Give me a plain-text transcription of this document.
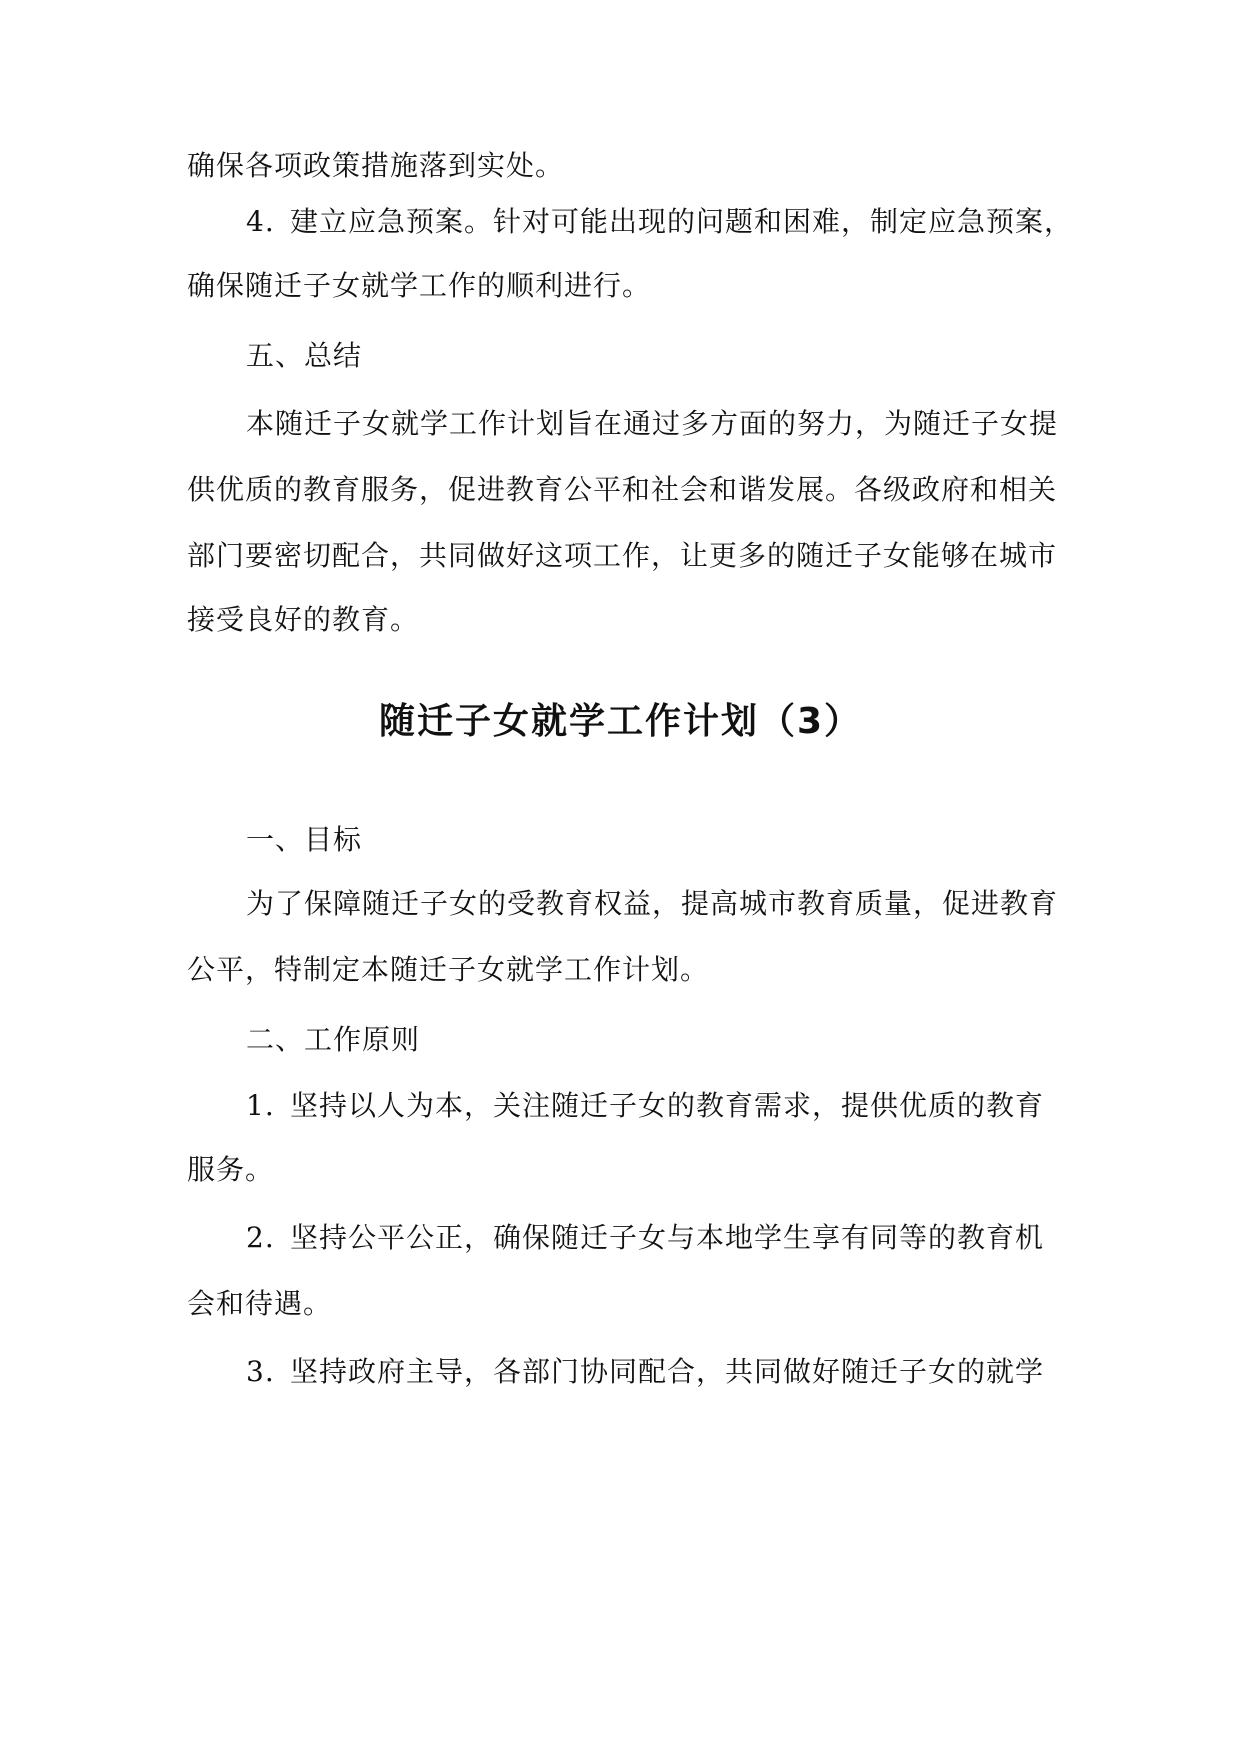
确保各项政策措施落到实处。
4. 建立应急预案。针对可能出现的问题和困难，制定应急预案，
确保随迁子女就学工作的顺利进行。
五、总结
本随迁子女就学工作计划旨在通过多方面的努力，为随迁子女提
供优质的教育服务，促进教育公平和社会和谐发展。各级政府和相关
部门要密切配合，共同做好这项工作，让更多的随迁子女能够在城市
接受良好的教育。
随迁子女就学工作计划（3）
一、目标
为了保障随迁子女的受教育权益，提高城市教育质量，促进教育
公平，特制定本随迁子女就学工作计划。
二、工作原则
1. 坚持以人为本，关注随迁子女的教育需求，提供优质的教育
服务。
2. 坚持公平公正，确保随迁子女与本地学生享有同等的教育机
会和待遇。
3. 坚持政府主导，各部门协同配合，共同做好随迁子女的就学
